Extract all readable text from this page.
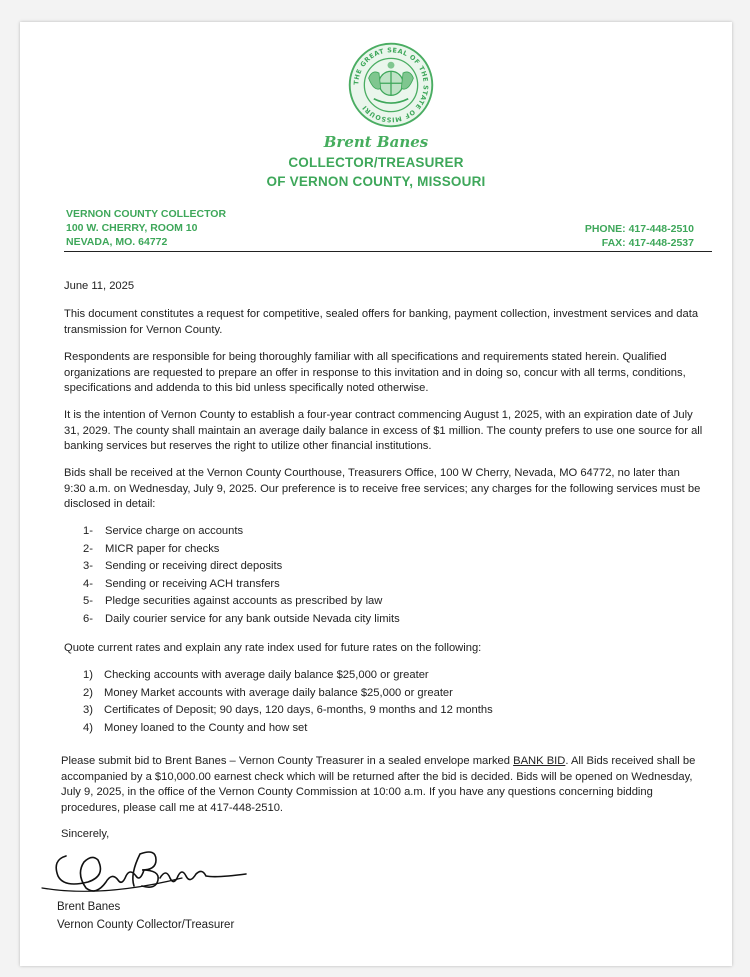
THE GREAT SEAL OF THE STATE OF MISSOURI
Brent Banes
COLLECTOR/TREASURER
OF VERNON COUNTY, MISSOURI
VERNON COUNTY COLLECTOR
100 W. CHERRY, ROOM 10
NEVADA, MO. 64772
PHONE: 417-448-2510
FAX: 417-448-2537
June 11, 2025
This document constitutes a request for competitive, sealed offers for banking, payment collection, investment services and data transmission for Vernon County.
Respondents are responsible for being thoroughly familiar with all specifications and requirements stated herein. Qualified organizations are requested to prepare an offer in response to this invitation and in doing so, concur with all terms, conditions, specifications and addenda to this bid unless specifically noted otherwise.
It is the intention of Vernon County to establish a four-year contract commencing August 1, 2025, with an expiration date of July 31, 2029. The county shall maintain an average daily balance in excess of $1 million. The county prefers to use one source for all banking services but reserves the right to utilize other financial institutions.
Bids shall be received at the Vernon County Courthouse, Treasurers Office, 100 W Cherry, Nevada, MO 64772, no later than 9:30 a.m. on Wednesday, July 9, 2025. Our preference is to receive free services; any charges for the following services must be disclosed in detail:
1- Service charge on accounts
2- MICR paper for checks
3- Sending or receiving direct deposits
4- Sending or receiving ACH transfers
5- Pledge securities against accounts as prescribed by law
6- Daily courier service for any bank outside Nevada city limits
Quote current rates and explain any rate index used for future rates on the following:
1) Checking accounts with average daily balance $25,000 or greater
2) Money Market accounts with average daily balance $25,000 or greater
3) Certificates of Deposit; 90 days, 120 days, 6-months, 9 months and 12 months
4) Money loaned to the County and how set
Please submit bid to Brent Banes – Vernon County Treasurer in a sealed envelope marked BANK BID. All Bids received shall be accompanied by a $10,000.00 earnest check which will be returned after the bid is decided. Bids will be opened on Wednesday, July 9, 2025, in the office of the Vernon County Commission at 10:00 a.m. If you have any questions concerning bidding procedures, please call me at 417-448-2510.
Sincerely,
Brent Banes
Vernon County Collector/Treasurer
